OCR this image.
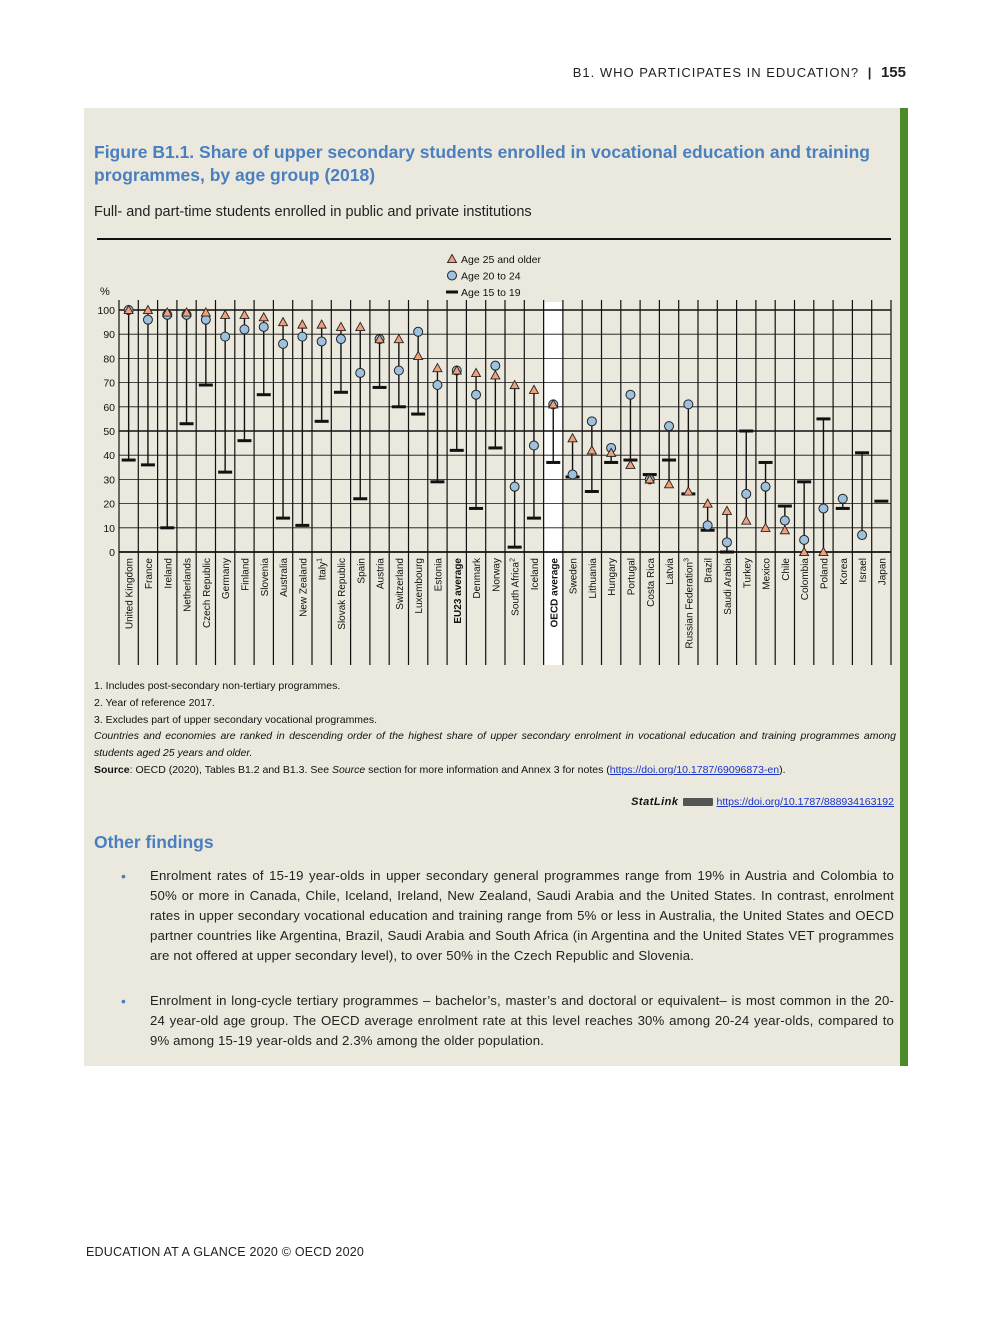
B1. WHO PARTICIPATES IN EDUCATION? | 155
Figure B1.1. Share of upper secondary students enrolled in vocational education and training programmes, by age group (2018)

Full- and part-time students enrolled in public and private institutions

0
10
20
30
40
50
60
70
80
90
100
United Kingdom France Ireland Netherlands Czech Republic Germany Finland Slovenia Australia New Zealand Italy$^1$	Slovak Republic Spain Austria Switzerland Luxembourg Estonia EU23 average Denmark Norway South Africa$^2$	Iceland OECD average Sweden Lithuania Hungary Portugal Costa Rica Latvia Russian Federation$^3$	Brazil Saudi Arabia Turkey Mexico Chile Colombia Poland Korea Israel Japan
Age 25 and older
Age 20 to 24
Age 15 to 19
%
1. Includes post-secondary non-tertiary programmes.
2. Year of reference 2017.
3. Excludes part of upper secondary vocational programmes.
Countries and economies are ranked in descending order of the highest share of upper secondary enrolment in vocational education and training programmes among students aged 25 years and older.
Source: OECD (2020), Tables B1.2 and B1.3. See Source section for more information and Annex 3 for notes (https://doi.org/10.1787/69096873-en).
StatLink	https://doi.org/10.1787/888934163192
Other findings

Enrolment rates of 15-19 year-olds in upper secondary general programmes range from 19% in Austria and Colombia to 50% or more in Canada, Chile, Iceland, Ireland, New Zealand, Saudi Arabia and the United States. In contrast, enrolment rates in upper secondary vocational education and training range from 5% or less in Australia, the United States and OECD partner countries like Argentina, Brazil, Saudi Arabia and South Africa (in Argentina and the United States VET programmes are not offered at upper secondary level), to over 50% in the Czech Republic and Slovenia.

Enrolment in long-cycle tertiary programmes – bachelor’s, master’s and doctoral or equivalent– is most common in the 20-24 year-old age group. The OECD average enrolment rate at this level reaches 30% among 20-24 year-olds, compared to 9% among 15-19 year-olds and 2.3% among the older population.

EDUCATION AT A GLANCE 2020 © OECD 2020
